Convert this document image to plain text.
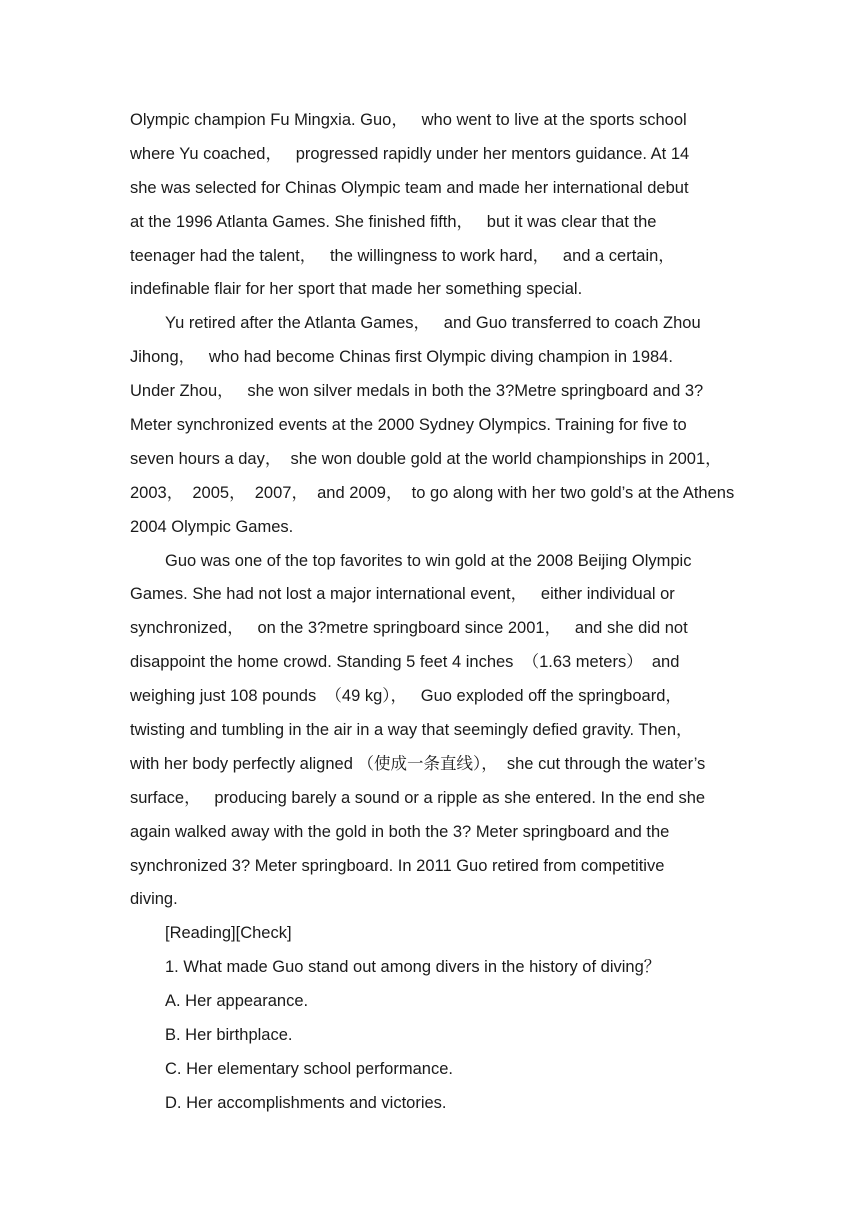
Olympic champion Fu Mingxia. Guo，   who went to live at the sports school
where Yu coached，   progressed rapidly under her mentors guidance. At 14
she was selected for Chinas Olympic team and made her international debut
at the 1996 Atlanta Games. She finished fifth，   but it was clear that the
teenager had the talent，   the willingness to work hard，   and a certain，
indefinable flair for her sport that made her something special.
Yu retired after the Atlanta Games，   and Guo transferred to coach Zhou
Jihong，   who had become Chinas first Olympic diving champion in 1984.
Under Zhou，   she won silver medals in both the 3?Metre springboard and 3?
Meter synchronized events at the 2000 Sydney Olympics. Training for five to
seven hours a day，  she won double gold at the world championships in 2001，
2003，  2005，  2007，  and 2009，  to go along with her two gold’s at the Athens
2004 Olympic Games.
Guo was one of the top favorites to win gold at the 2008 Beijing Olympic
Games. She had not lost a major international event，   either individual or
synchronized，   on the 3?metre springboard since 2001，   and she did not
disappoint the home crowd. Standing 5 feet 4 inches  （1.63 meters）  and
weighing just 108 pounds  （49 kg），   Guo exploded off the springboard，
twisting and tumbling in the air in a way that seemingly defied gravity. Then，
with her body perfectly aligned （使成一条直线），  she cut through the water’s
surface，   producing barely a sound or a ripple as she entered. In the end she
again walked away with the gold in both the 3? Meter springboard and the
synchronized 3? Meter springboard. In 2011 Guo retired from competitive
diving.
[Reading][Check]
1. What made Guo stand out among divers in the history of diving？
A. Her appearance.
B. Her birthplace.
C. Her elementary school performance.
D. Her accomplishments and victories.
